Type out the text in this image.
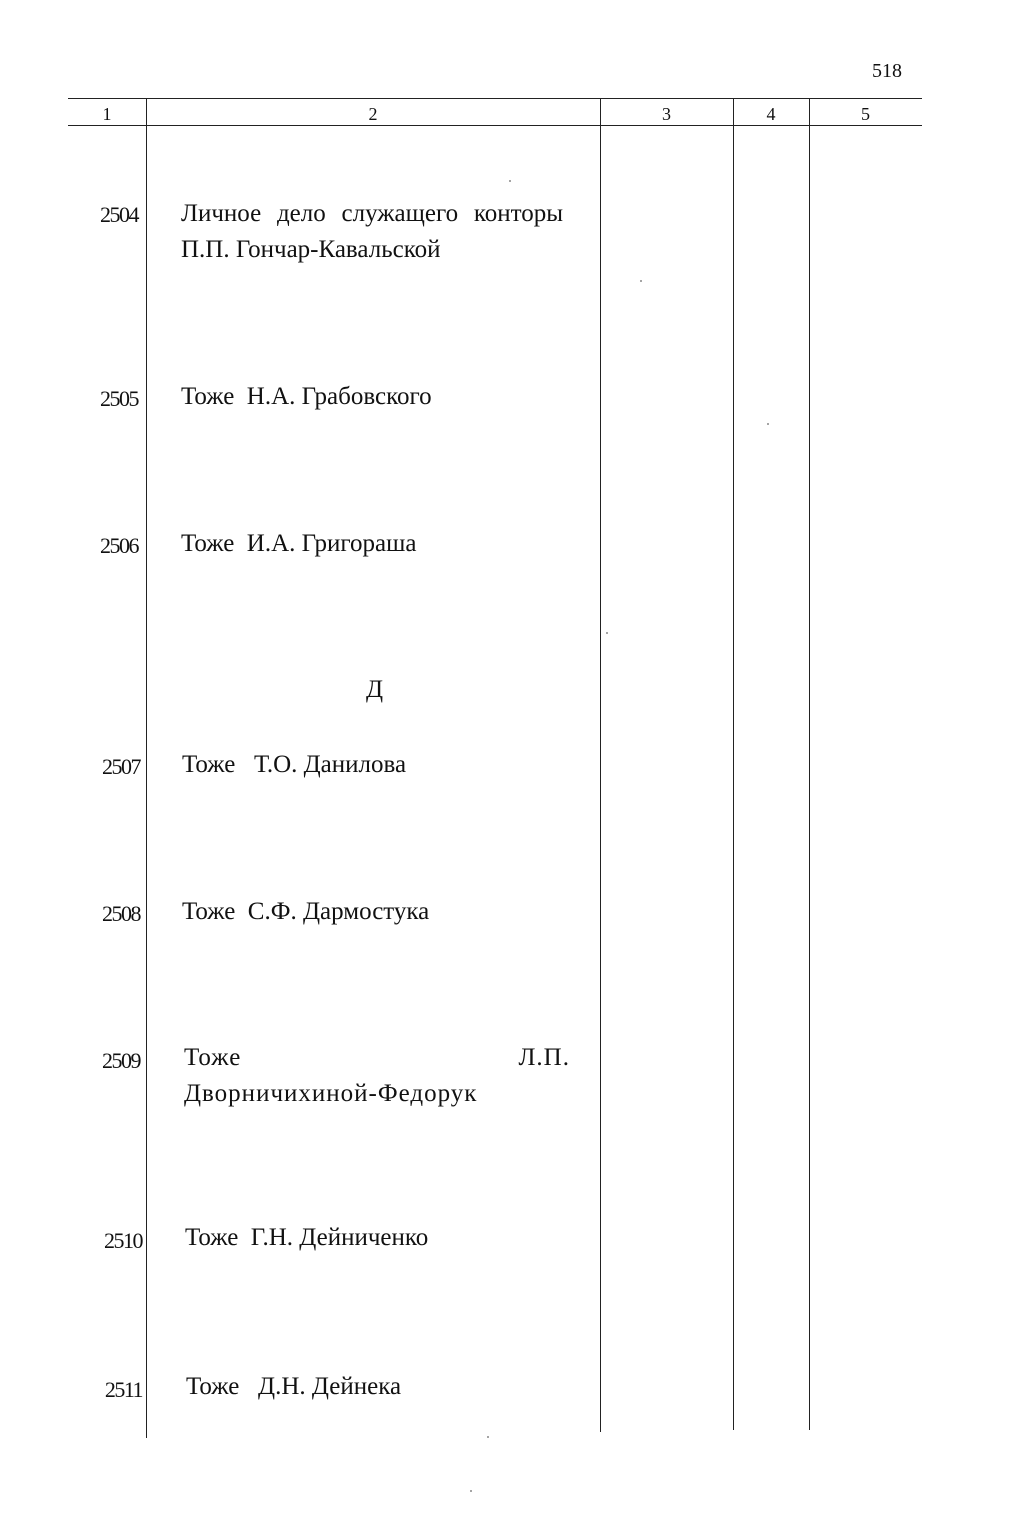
518
1	2	3	4	5
2504 Личное дело служащего конторы П.П. Гончар-Кавальской
2505 Тоже  Н.А. Грабовского
2506 Тоже  И.А. Григораша
Д
2507 Тоже   Т.О. Данилова
2508 Тоже  С.Ф. Дармостука
2509 Тоже Л.П. Дворничихиной-Федорук
2510 Тоже  Г.Н. Дейниченко
2511 Тоже   Д.Н. Дейнека
